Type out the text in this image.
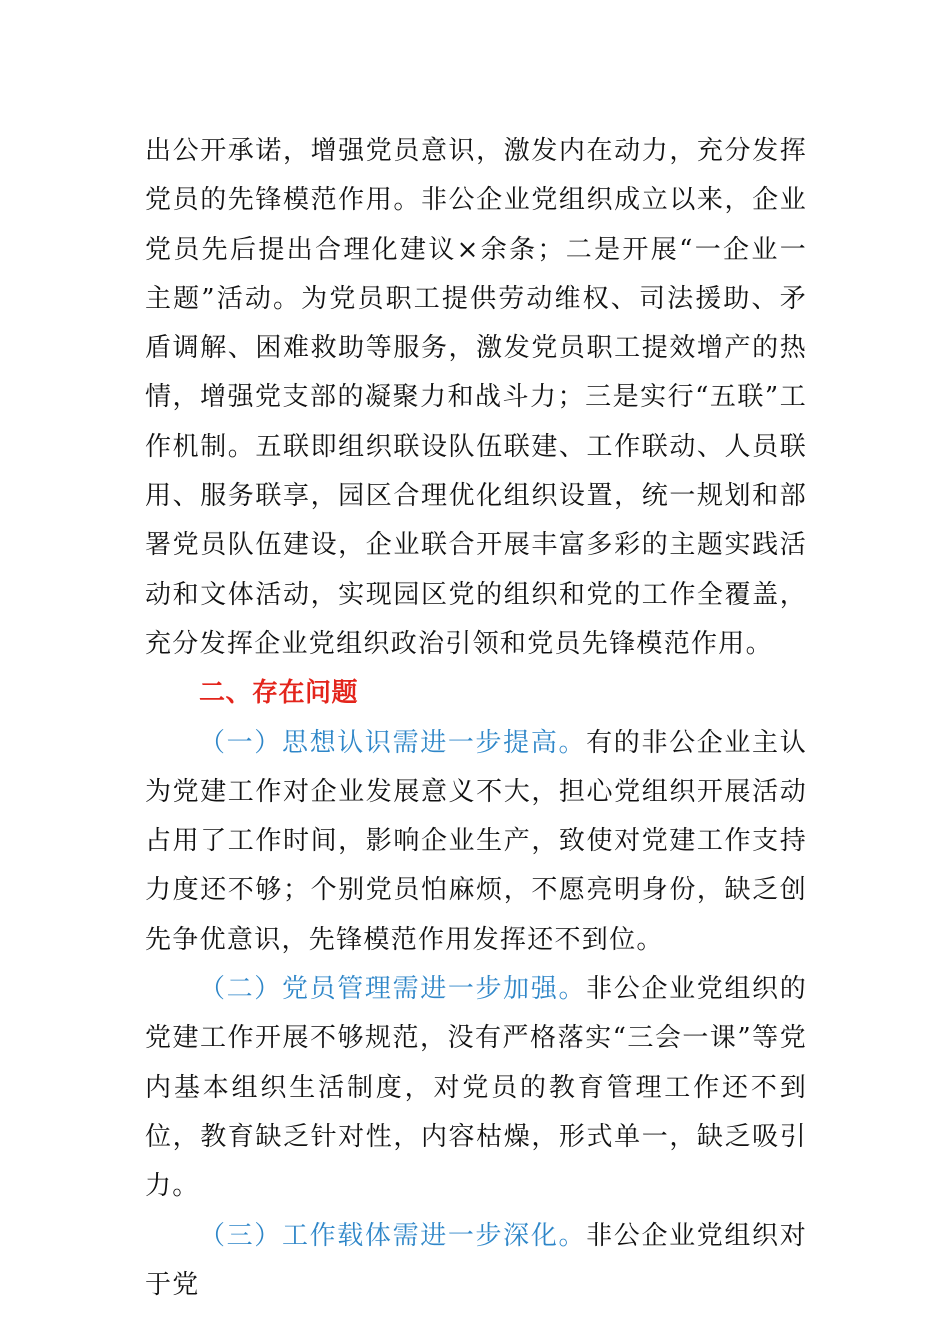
出公开承诺，增强党员意识，激发内在动力，充分发挥党员的先锋模范作用。非公企业党组织成立以来，企业党员先后提出合理化建议×余条；二是开展“一企业一主题”活动。为党员职工提供劳动维权、司法援助、矛盾调解、困难救助等服务，激发党员职工提效增产的热情，增强党支部的凝聚力和战斗力；三是实行“五联”工作机制。五联即组织联设队伍联建、工作联动、人员联用、服务联享，园区合理优化组织设置，统一规划和部署党员队伍建设，企业联合开展丰富多彩的主题实践活动和文体活动，实现园区党的组织和党的工作全覆盖，充分发挥企业党组织政治引领和党员先锋模范作用。

二、存在问题

（一）思想认识需进一步提高。有的非公企业主认为党建工作对企业发展意义不大，担心党组织开展活动占用了工作时间，影响企业生产，致使对党建工作支持力度还不够；个别党员怕麻烦，不愿亮明身份，缺乏创先争优意识，先锋模范作用发挥还不到位。

（二）党员管理需进一步加强。非公企业党组织的党建工作开展不够规范，没有严格落实“三会一课”等党内基本组织生活制度，对党员的教育管理工作还不到位，教育缺乏针对性，内容枯燥，形式单一，缺乏吸引力。

（三）工作载体需进一步深化。非公企业党组织对于党
